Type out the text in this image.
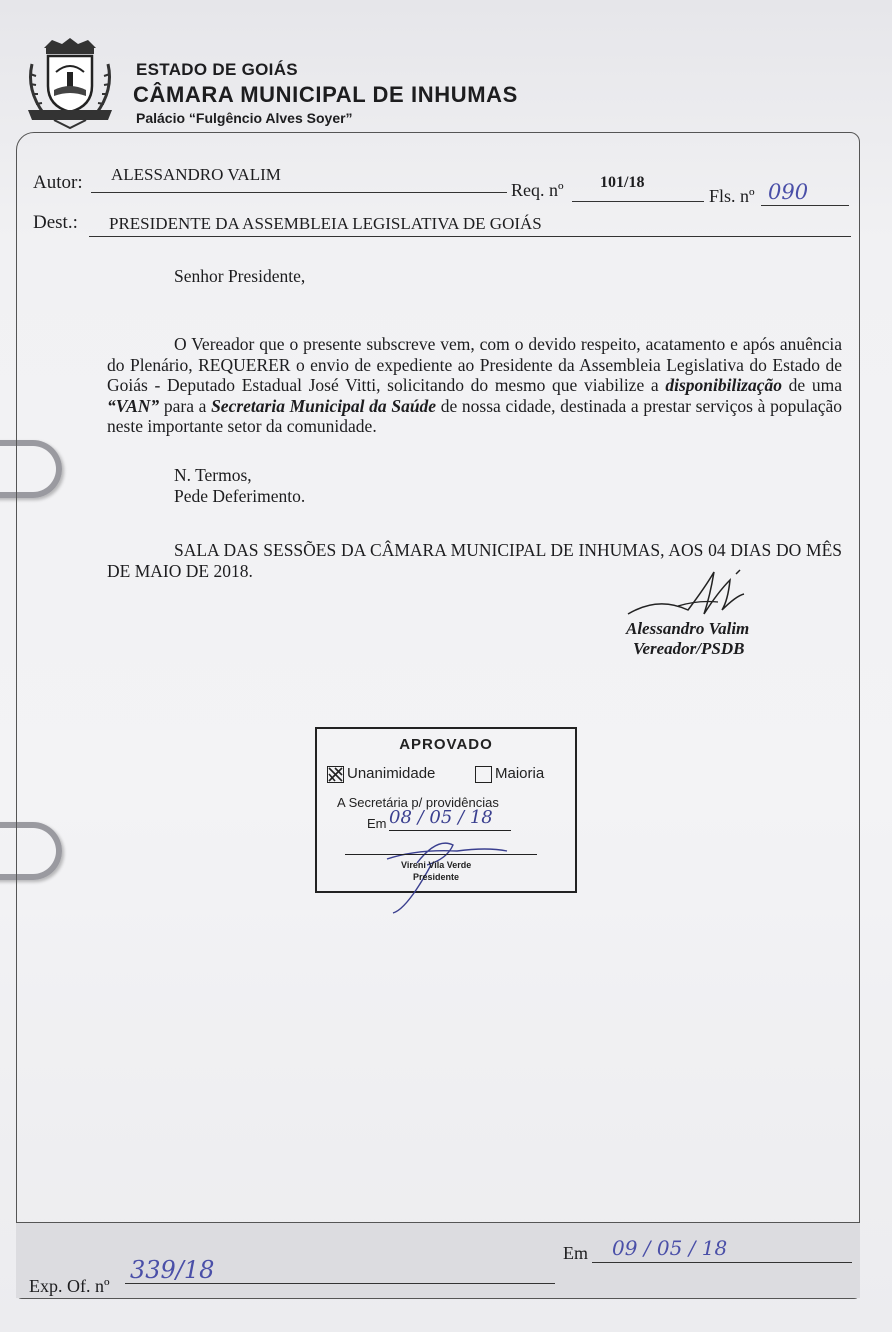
ESTADO DE GOIÁS
CÂMARA MUNICIPAL DE INHUMAS
Palácio “Fulgêncio Alves Soyer”
Autor: ALESSANDRO VALIM
Req. nº 101/18
Fls. nº 090
Dest.: PRESIDENTE DA ASSEMBLEIA LEGISLATIVA DE GOIÁS
Senhor Presidente,
O Vereador que o presente subscreve vem, com o devido respeito, acatamento e após anuência do Plenário, REQUERER o envio de expediente ao Presidente da Assembleia Legislativa do Estado de Goiás - Deputado Estadual José Vitti, solicitando do mesmo que viabilize a disponibilização de uma “VAN” para a Secretaria Municipal da Saúde de nossa cidade, destinada a prestar serviços à população neste importante setor da comunidade.
N. Termos,
Pede Deferimento.
SALA DAS SESSÕES DA CÂMARA MUNICIPAL DE INHUMAS, AOS 04 DIAS DO MÊS DE MAIO DE 2018.
Alessandro Valim
Vereador/PSDB
APROVADO
Unanimidade	Maioria
A Secretária p/ providências
Em 08 / 05 / 18
Vireni Vila Verde
Presidente
Exp. Of. nº
339/18
Em 09 / 05 / 18
